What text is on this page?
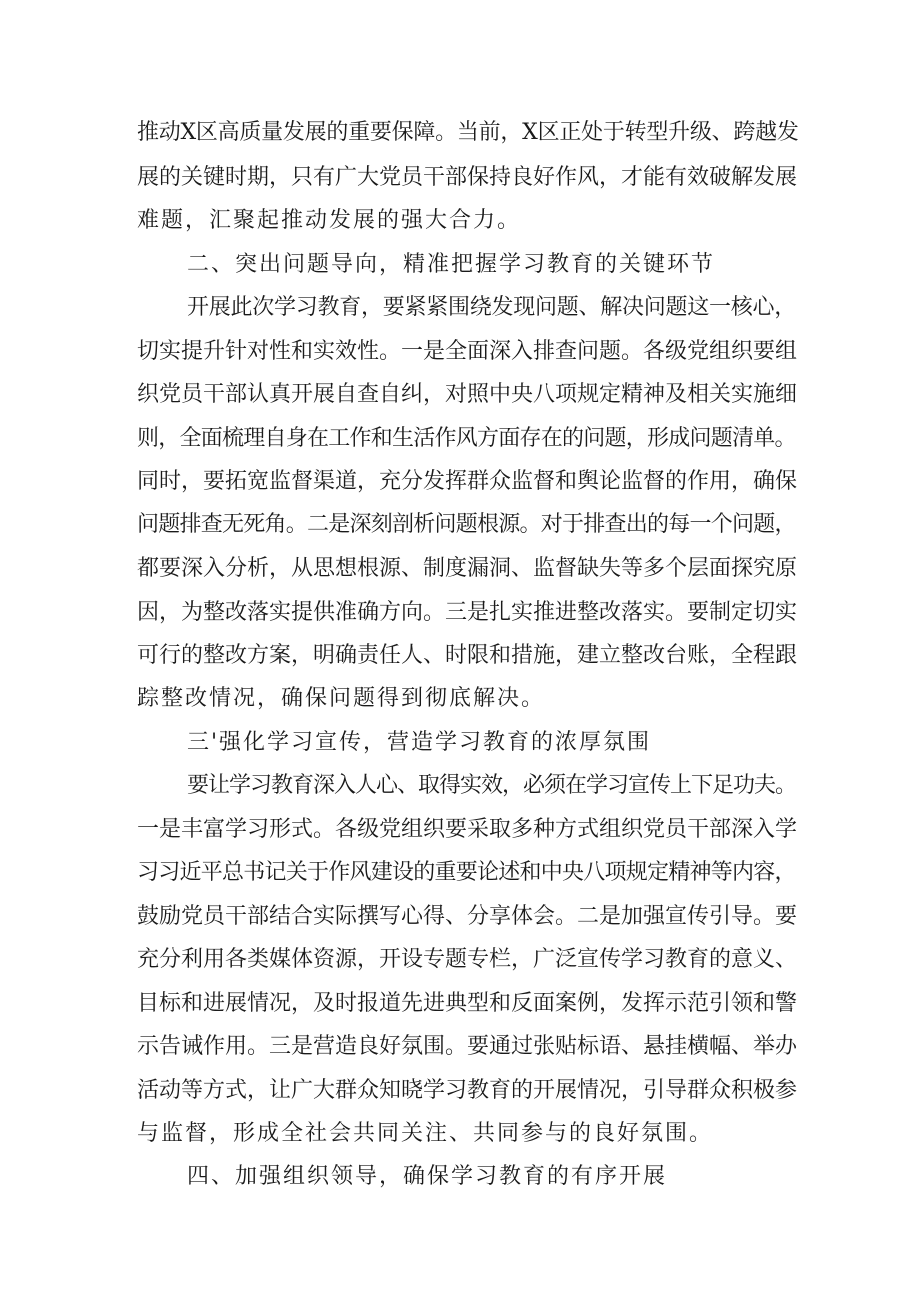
推动X区高质量发展的重要保障。当前，X区正处于转型升级、跨越发
展的关键时期，只有广大党员干部保持良好作风，才能有效破解发展
难题，汇聚起推动发展的强大合力。
二、突出问题导向，精准把握学习教育的关键环节
开展此次学习教育，要紧紧围绕发现问题、解决问题这一核心，
切实提升针对性和实效性。一是全面深入排查问题。各级党组织要组
织党员干部认真开展自查自纠，对照中央八项规定精神及相关实施细
则，全面梳理自身在工作和生活作风方面存在的问题，形成问题清单。
同时，要拓宽监督渠道，充分发挥群众监督和舆论监督的作用，确保
问题排查无死角。二是深刻剖析问题根源。对于排查出的每一个问题，
都要深入分析，从思想根源、制度漏洞、监督缺失等多个层面探究原
因，为整改落实提供准确方向。三是扎实推进整改落实。要制定切实
可行的整改方案，明确责任人、时限和措施，建立整改台账，全程跟
踪整改情况，确保问题得到彻底解决。
三'强化学习宣传，营造学习教育的浓厚氛围
要让学习教育深入人心、取得实效，必须在学习宣传上下足功夫。
一是丰富学习形式。各级党组织要采取多种方式组织党员干部深入学
习习近平总书记关于作风建设的重要论述和中央八项规定精神等内容，
鼓励党员干部结合实际撰写心得、分享体会。二是加强宣传引导。要
充分利用各类媒体资源，开设专题专栏，广泛宣传学习教育的意义、
目标和进展情况，及时报道先进典型和反面案例，发挥示范引领和警
示告诫作用。三是营造良好氛围。要通过张贴标语、悬挂横幅、举办
活动等方式，让广大群众知晓学习教育的开展情况，引导群众积极参
与监督，形成全社会共同关注、共同参与的良好氛围。
四、加强组织领导，确保学习教育的有序开展
